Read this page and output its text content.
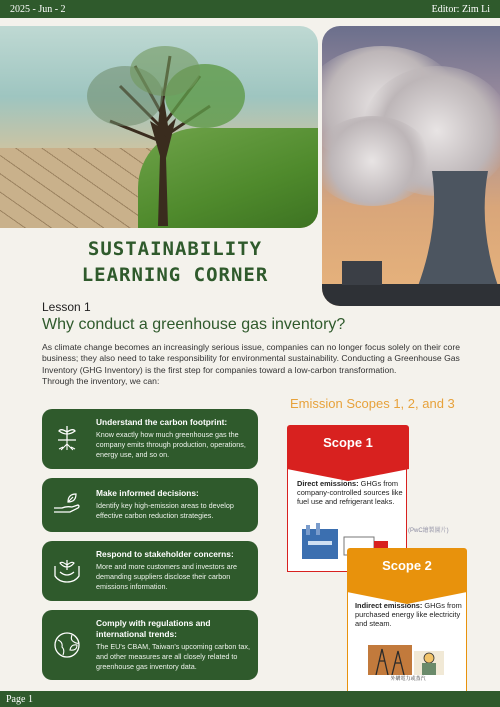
2025 - Jun - 2	Editor: Zim Li
SUSTAINABILITY
LEARNING CORNER
Lesson 1
Why conduct a greenhouse gas inventory?

As climate change becomes an increasingly serious issue, companies can no longer focus solely on their core business; they also need to take responsibility for environmental sustainability. Conducting a Greenhouse Gas Inventory (GHG Inventory) is the first step for companies toward a low-carbon transformation.

Through the inventory, we can:

Understand the carbon footprint:
Know exactly how much greenhouse gas the company emits through production, operations, energy use, and so on.
Make informed decisions:
Identify key high-emission areas to develop effective carbon reduction strategies.
Respond to stakeholder concerns:
More and more customers and investors are demanding suppliers disclose their carbon emissions information.
Comply with regulations and international trends:
The EU's CBAM, Taiwan's upcoming carbon tax, and other measures are all closely related to greenhouse gas inventory data.
Emission Scopes 1, 2, and 3
Direct emissions: GHGs from company-controlled sources like fuel use and refrigerant leaks.
Scope 1
(PwC繪製圖片)
Indirect emissions: GHGs from purchased energy like electricity and steam.
外購電力或蒸汽
Scope 2
Page 1
